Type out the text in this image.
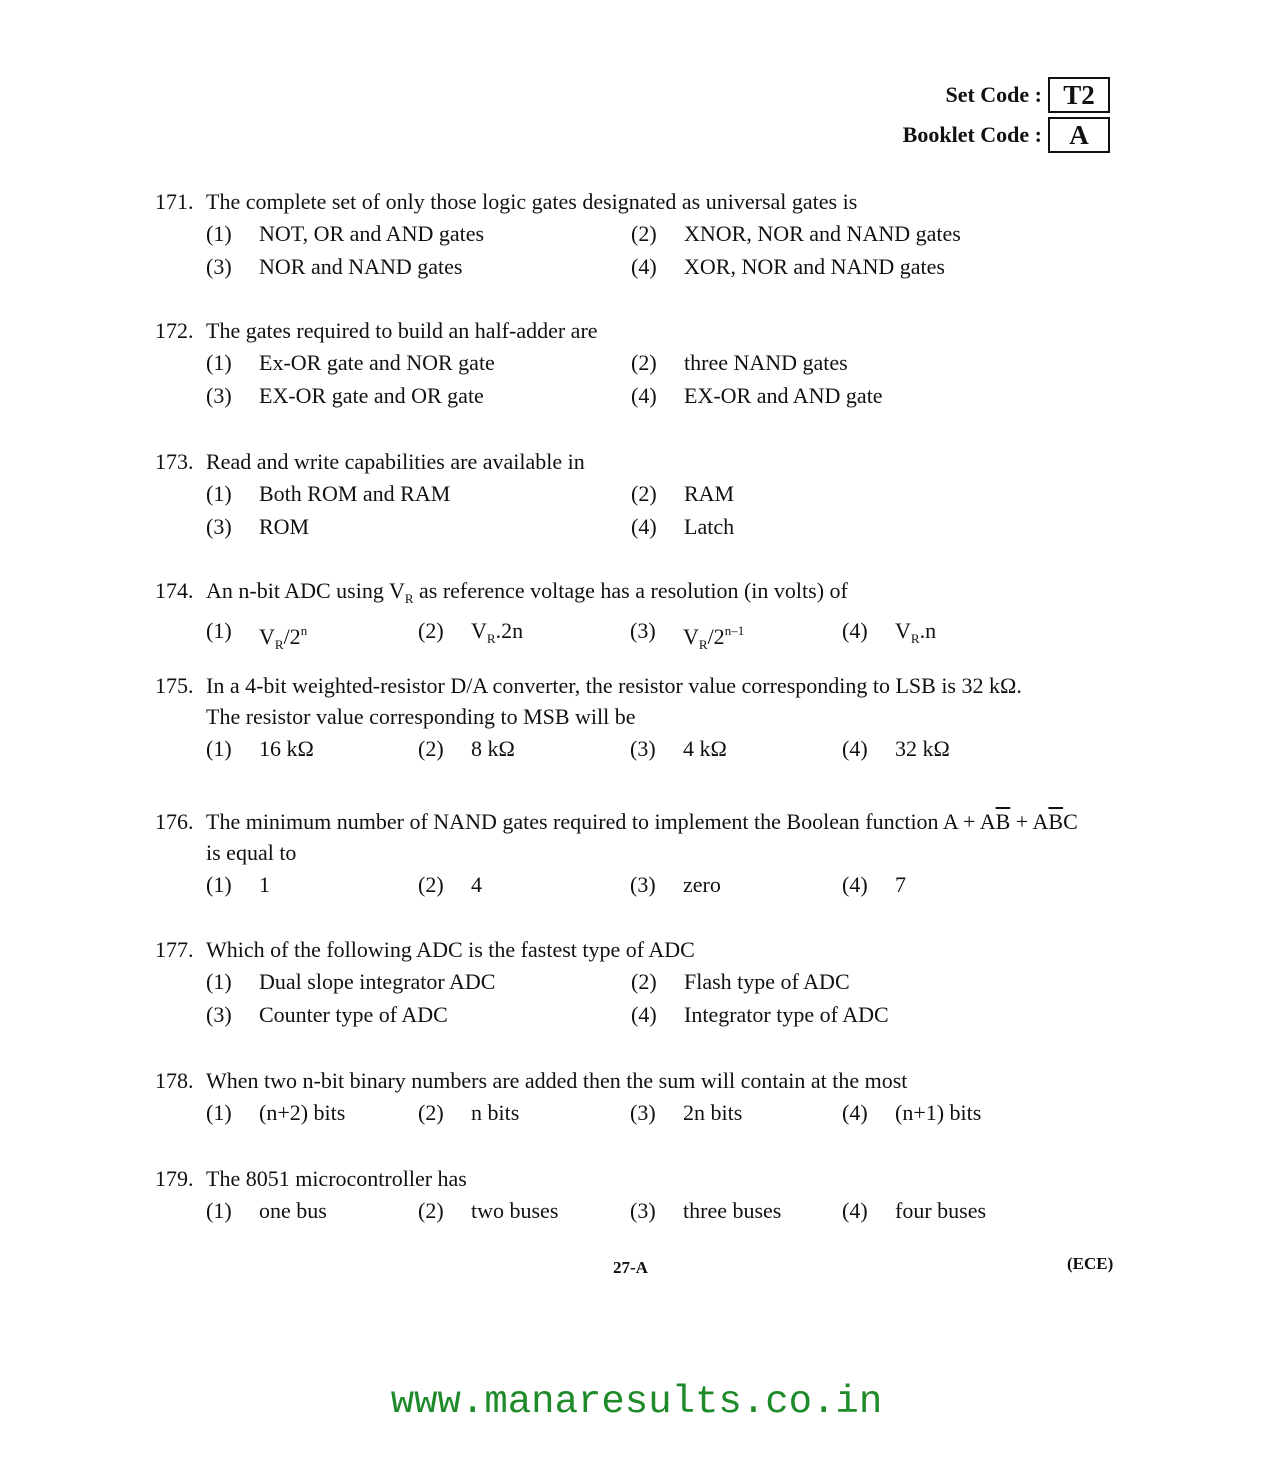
Set Code : T2
Booklet Code :	A
171. The complete set of only those logic gates designated as universal gates is
(1)	NOT, OR and AND gates	(2)	XNOR, NOR and NAND gates
(3)	NOR and NAND gates	(4)	XOR, NOR and NAND gates
172. The gates required to build an half-adder are
(1)	Ex-OR gate and NOR gate	(2)	three NAND gates
(3)	EX-OR gate and OR gate	(4)	EX-OR and AND gate
173. Read and write capabilities are available in
(1)	Both ROM and RAM	(2)	RAM
(3)	ROM	(4)	Latch
174. An n-bit ADC using $V_R$ as reference voltage has a resolution (in volts) of
(1)	$V_R/2^n$	(2)	$V_R.2n$	(3)	$V_R/2^{n-1}$	(4)	$V_R.n$
175. In a 4-bit weighted-resistor D/A converter, the resistor value corresponding to LSB is 32 kΩ.
The resistor value corresponding to MSB will be
(1)	16 kΩ	(2)	8 kΩ	(3)	4 kΩ	(4)	32 kΩ
176. The minimum number of NAND gates required to implement the Boolean function $A + A\overline{B} + A\overline{B}C$
is equal to
(1)	1	(2)	4	(3)	zero	(4)	7
177. Which of the following ADC is the fastest type of ADC
(1)	Dual slope integrator ADC	(2)	Flash type of ADC
(3)	Counter type of ADC	(4)	Integrator type of ADC
178. When two n-bit binary numbers are added then the sum will contain at the most
(1)	(n+2) bits	(2)	n bits	(3)	2n bits	(4)	(n+1) bits
179. The 8051 microcontroller has
(1)	one bus	(2)	two buses	(3)	three buses	(4)	four buses
27-A	(ECE)
www.manaresults.co.in
